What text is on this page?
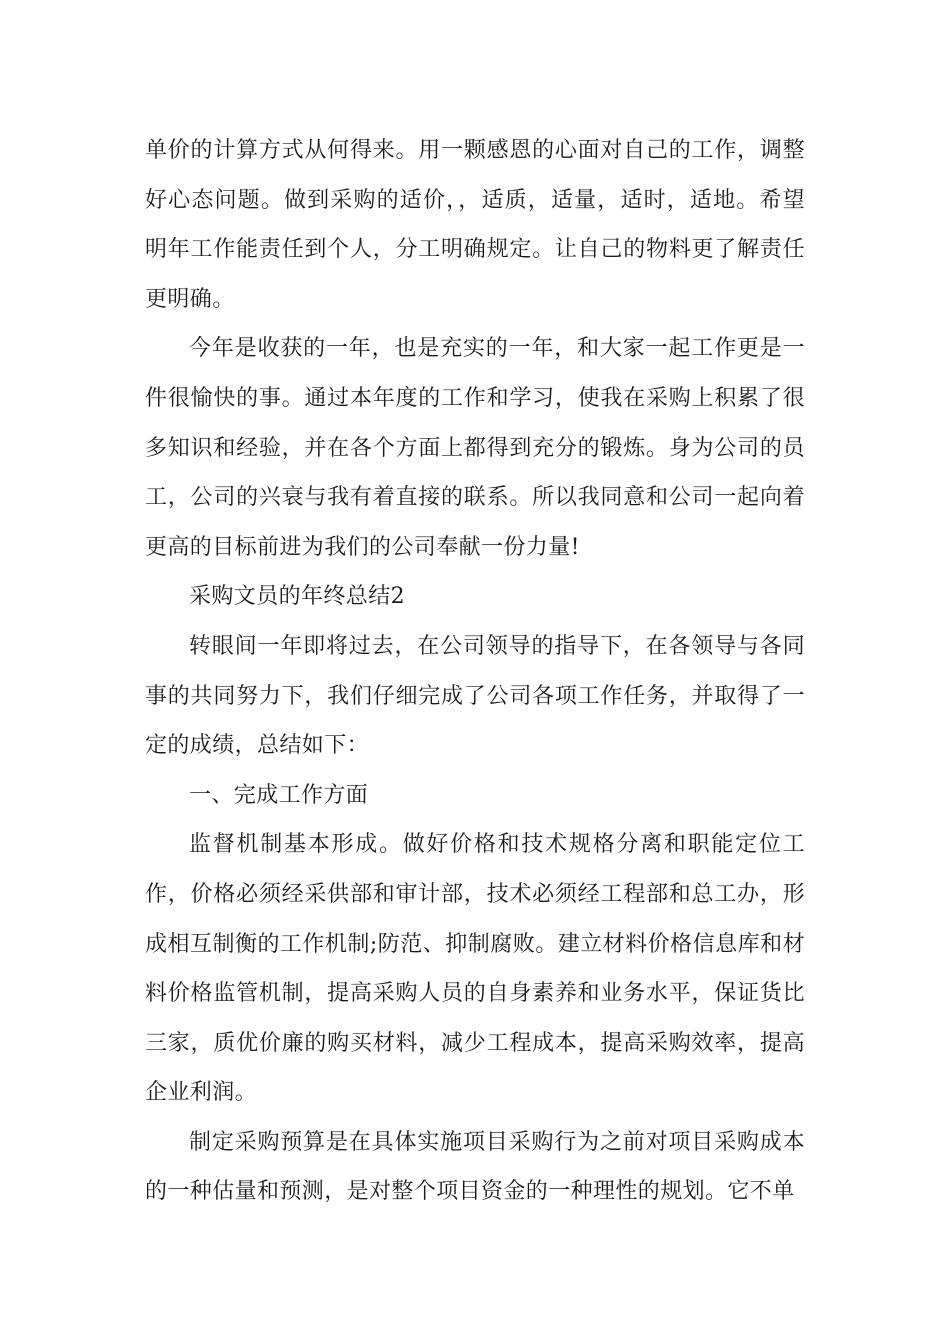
单价的计算方式从何得来。用一颗感恩的心面对自己的工作，调整好心态问题。做到采购的适价，，适质，适量，适时，适地。希望明年工作能责任到个人，分工明确规定。让自己的物料更了解责任更明确。

今年是收获的一年，也是充实的一年，和大家一起工作更是一件很愉快的事。通过本年度的工作和学习，使我在采购上积累了很多知识和经验，并在各个方面上都得到充分的锻炼。身为公司的员工，公司的兴衰与我有着直接的联系。所以我同意和公司一起向着更高的目标前进为我们的公司奉献一份力量!

采购文员的年终总结2

转眼间一年即将过去，在公司领导的指导下，在各领导与各同事的共同努力下，我们仔细完成了公司各项工作任务，并取得了一定的成绩，总结如下：

一、完成工作方面

监督机制基本形成。做好价格和技术规格分离和职能定位工作，价格必须经采供部和审计部，技术必须经工程部和总工办，形成相互制衡的工作机制;防范、抑制腐败。建立材料价格信息库和材料价格监管机制，提高采购人员的自身素养和业务水平，保证货比三家，质优价廉的购买材料，减少工程成本，提高采购效率，提高企业利润。

制定采购预算是在具体实施项目采购行为之前对项目采购成本的一种估量和预测，是对整个项目资金的一种理性的规划。它不单
